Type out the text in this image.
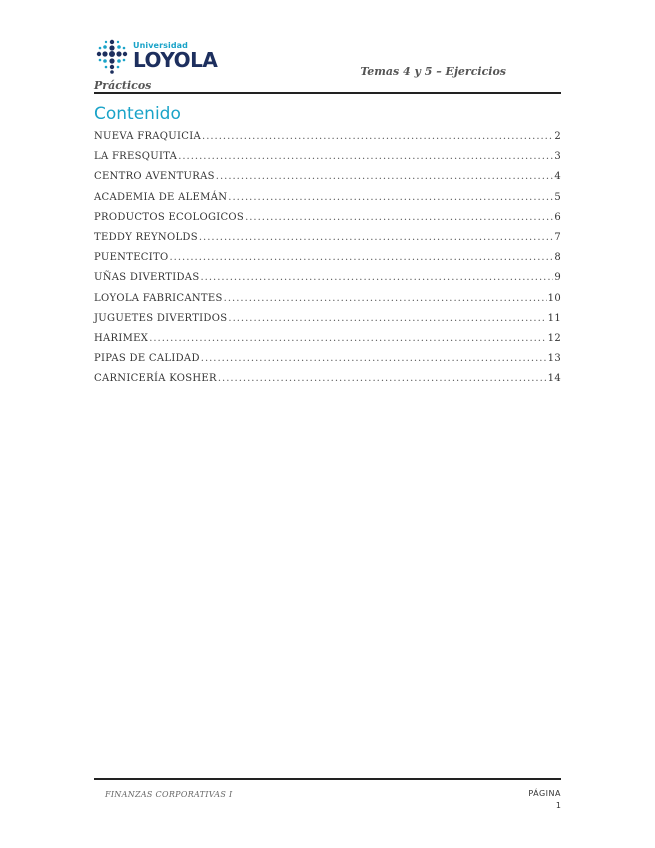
Universidad
LOYOLA	Temas 4 y 5 – Ejercicios
Prácticos
Contenido
NUEVA FRAQUICIA .....	2
LA FRESQUITA .....	3
CENTRO AVENTURAS .....	4
ACADEMIA DE ALEMÁN .....	5
PRODUCTOS ECOLOGICOS .....	6
TEDDY REYNOLDS .....	7
PUENTECITO .....	8
UÑAS DIVERTIDAS .....	9
LOYOLA FABRICANTES .....	10
JUGUETES DIVERTIDOS .....	11
HARIMEX .....	12
PIPAS DE CALIDAD .....	13
CARNICERÍA KOSHER .....	14
FINANZAS CORPORATIVAS I	PÁGINA
1
